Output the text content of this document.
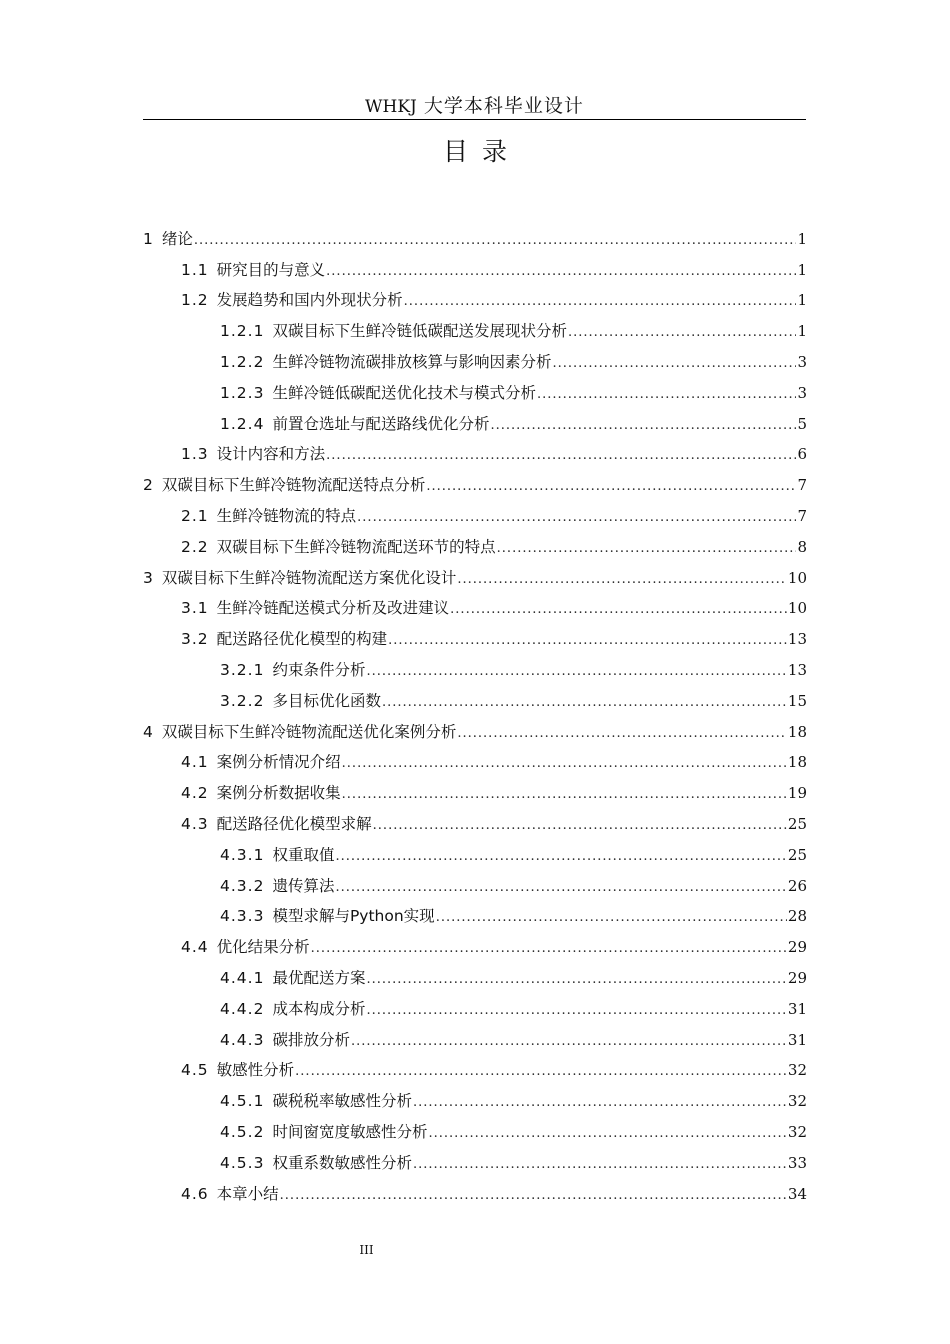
WHKJ 大学本科毕业设计
目录
1 绪论 .....	1
1.1 研究目的与意义 .....	1
1.2 发展趋势和国内外现状分析 .....	1
1.2.1 双碳目标下生鲜冷链低碳配送发展现状分析 .....	1
1.2.2 生鲜冷链物流碳排放核算与影响因素分析 .....	3
1.2.3 生鲜冷链低碳配送优化技术与模式分析 .....	3
1.2.4 前置仓选址与配送路线优化分析 .....	5
1.3 设计内容和方法 .....	6
2 双碳目标下生鲜冷链物流配送特点分析 .....	7
2.1 生鲜冷链物流的特点 .....	7
2.2 双碳目标下生鲜冷链物流配送环节的特点 .....	8
3 双碳目标下生鲜冷链物流配送方案优化设计 .....	10
3.1 生鲜冷链配送模式分析及改进建议 .....	10
3.2 配送路径优化模型的构建 .....	13
3.2.1 约束条件分析 .....	13
3.2.2 多目标优化函数 .....	15
4 双碳目标下生鲜冷链物流配送优化案例分析 .....	18
4.1 案例分析情况介绍 .....	18
4.2 案例分析数据收集 .....	19
4.3 配送路径优化模型求解 .....	25
4.3.1 权重取值 .....	25
4.3.2 遗传算法 .....	26
4.3.3 模型求解与Python实现 .....	28
4.4 优化结果分析 .....	29
4.4.1 最优配送方案 .....	29
4.4.2 成本构成分析 .....	31
4.4.3 碳排放分析 .....	31
4.5 敏感性分析 .....	32
4.5.1 碳税税率敏感性分析 .....	32
4.5.2 时间窗宽度敏感性分析 .....	32
4.5.3 权重系数敏感性分析 .....	33
4.6 本章小结 .....	34
III
